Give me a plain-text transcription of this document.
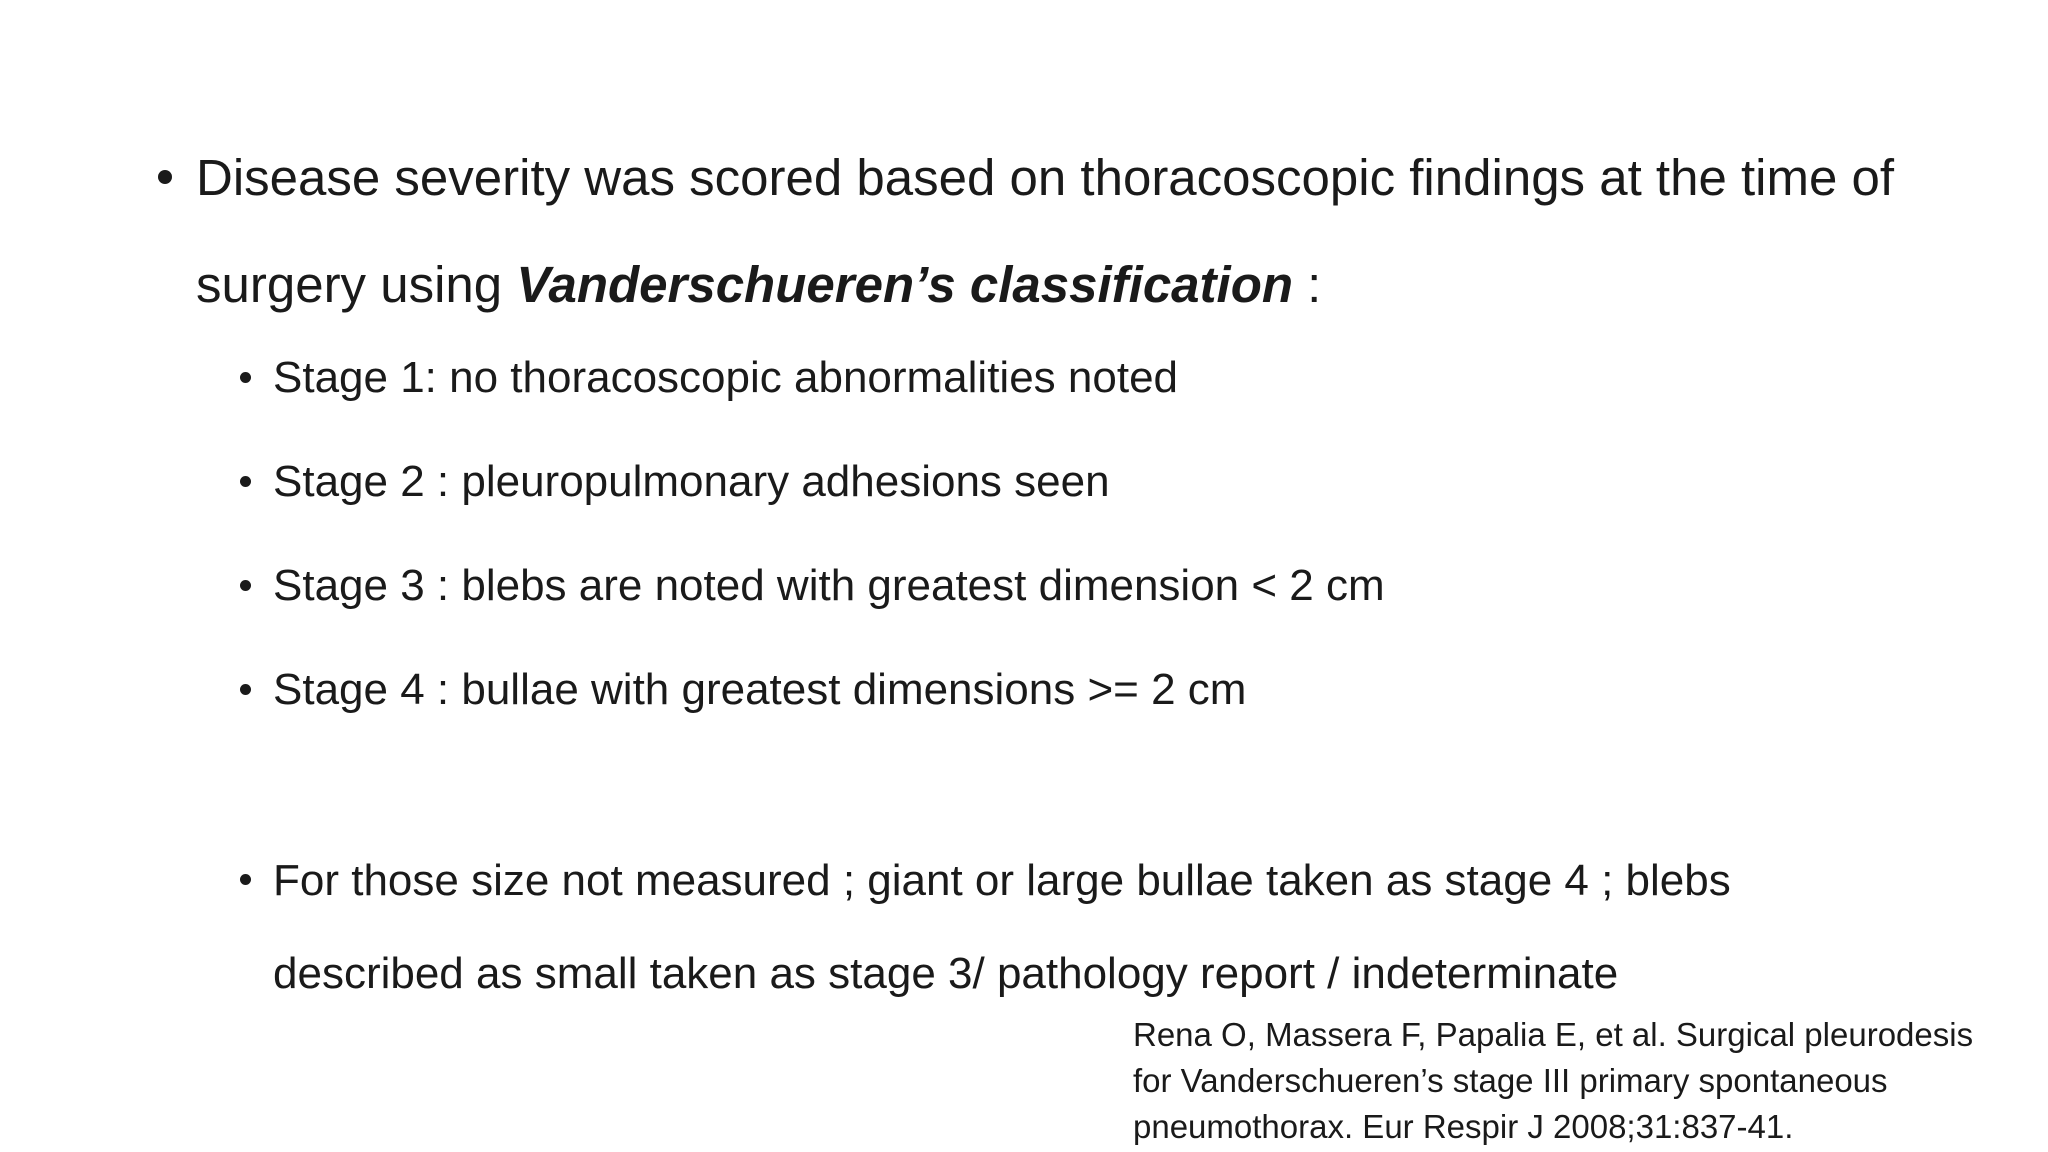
Disease severity was scored based on thoracoscopic findings at the time of surgery using Vanderschueren’s classification :
Stage 1: no thoracoscopic abnormalities noted
Stage 2 : pleuropulmonary adhesions seen
Stage 3 : blebs are noted with greatest dimension < 2 cm
Stage 4 : bullae with greatest dimensions >= 2 cm
For those size not measured ; giant or large bullae taken as stage 4 ; blebs described as small taken as stage 3/ pathology report / indeterminate
Rena O, Massera F, Papalia E, et al. Surgical pleurodesis
for Vanderschueren’s stage III primary spontaneous
pneumothorax. Eur Respir J 2008;31:837-41.
